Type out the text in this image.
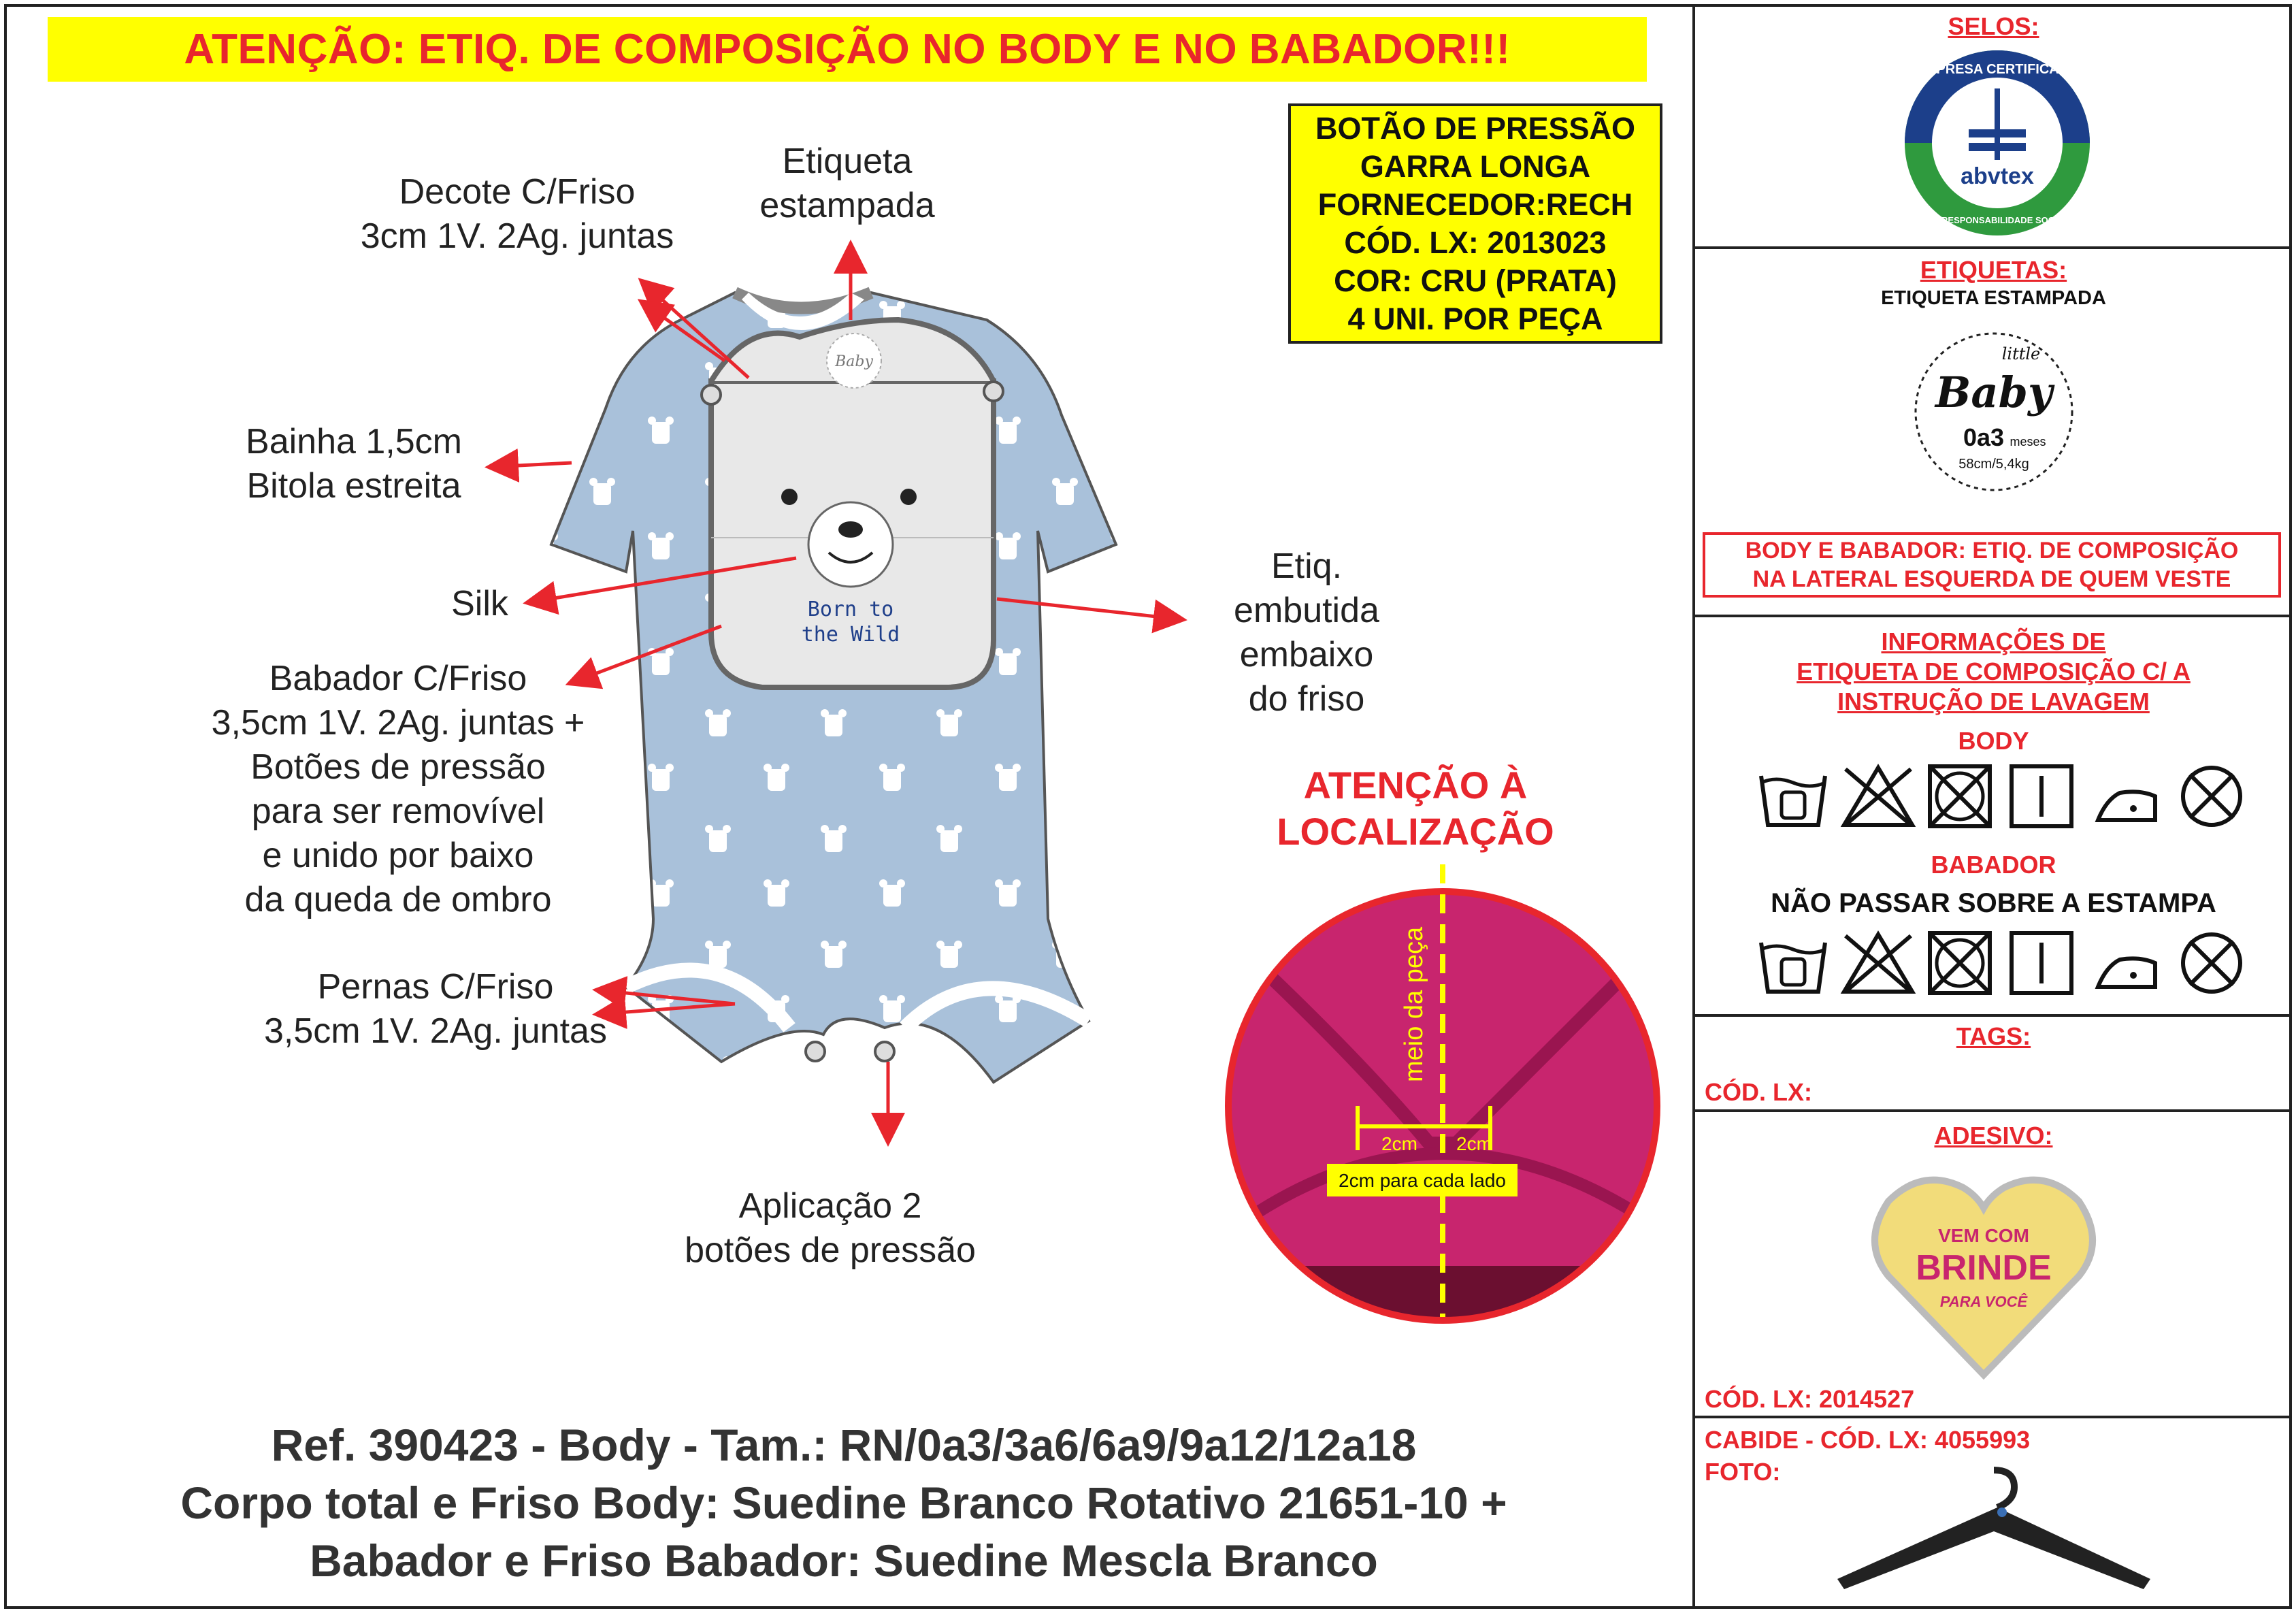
ATENÇÃO: ETIQ. DE COMPOSIÇÃO NO BODY E NO BABADOR!!!
BOTÃO DE PRESSÃO
GARRA LONGA
FORNECEDOR:RECH
CÓD. LX: 2013023
COR: CRU (PRATA)
4 UNI. POR PEÇA
meio da peça
2cm 2cm
2cm para cada lado
Born to
the Wild
Baby
Etiqueta
estampada
Decote C/Friso
3cm 1V. 2Ag. juntas
Bainha 1,5cm
Bitola estreita
Silk
Babador C/Friso
3,5cm 1V. 2Ag. juntas +
Botões de pressão
para ser removível
e unido por baixo
da queda de ombro
Pernas C/Friso
3,5cm 1V. 2Ag. juntas
Aplicação 2
botões de pressão
Etiq.
embutida
embaixo
do friso
ATENÇÃO À
LOCALIZAÇÃO
Ref. 390423 - Body - Tam.: RN/0a3/3a6/6a9/9a12/12a18
Corpo total e Friso Body: Suedine Branco Rotativo 21651-10 +
Babador e Friso Babador: Suedine Mescla Branco
SELOS:
EMPRESA CERTIFICADA
abvtex
EM RESPONSABILIDADE SOCIAL
ETIQUETAS:
ETIQUETA ESTAMPADA
little
Baby
0a3 meses
58cm/5,4kg
BODY E BABADOR: ETIQ. DE COMPOSIÇÃO
NA LATERAL ESQUERDA DE QUEM VESTE
INFORMAÇÕES DE
ETIQUETA DE COMPOSIÇÃO C/ A
INSTRUÇÃO DE LAVAGEM
BODY
BABADOR
NÃO PASSAR SOBRE A ESTAMPA
TAGS:
CÓD. LX:
ADESIVO:
VEM COM
BRINDE
PARA VOCÊ
CÓD. LX: 2014527
CABIDE - CÓD. LX: 4055993
FOTO:
